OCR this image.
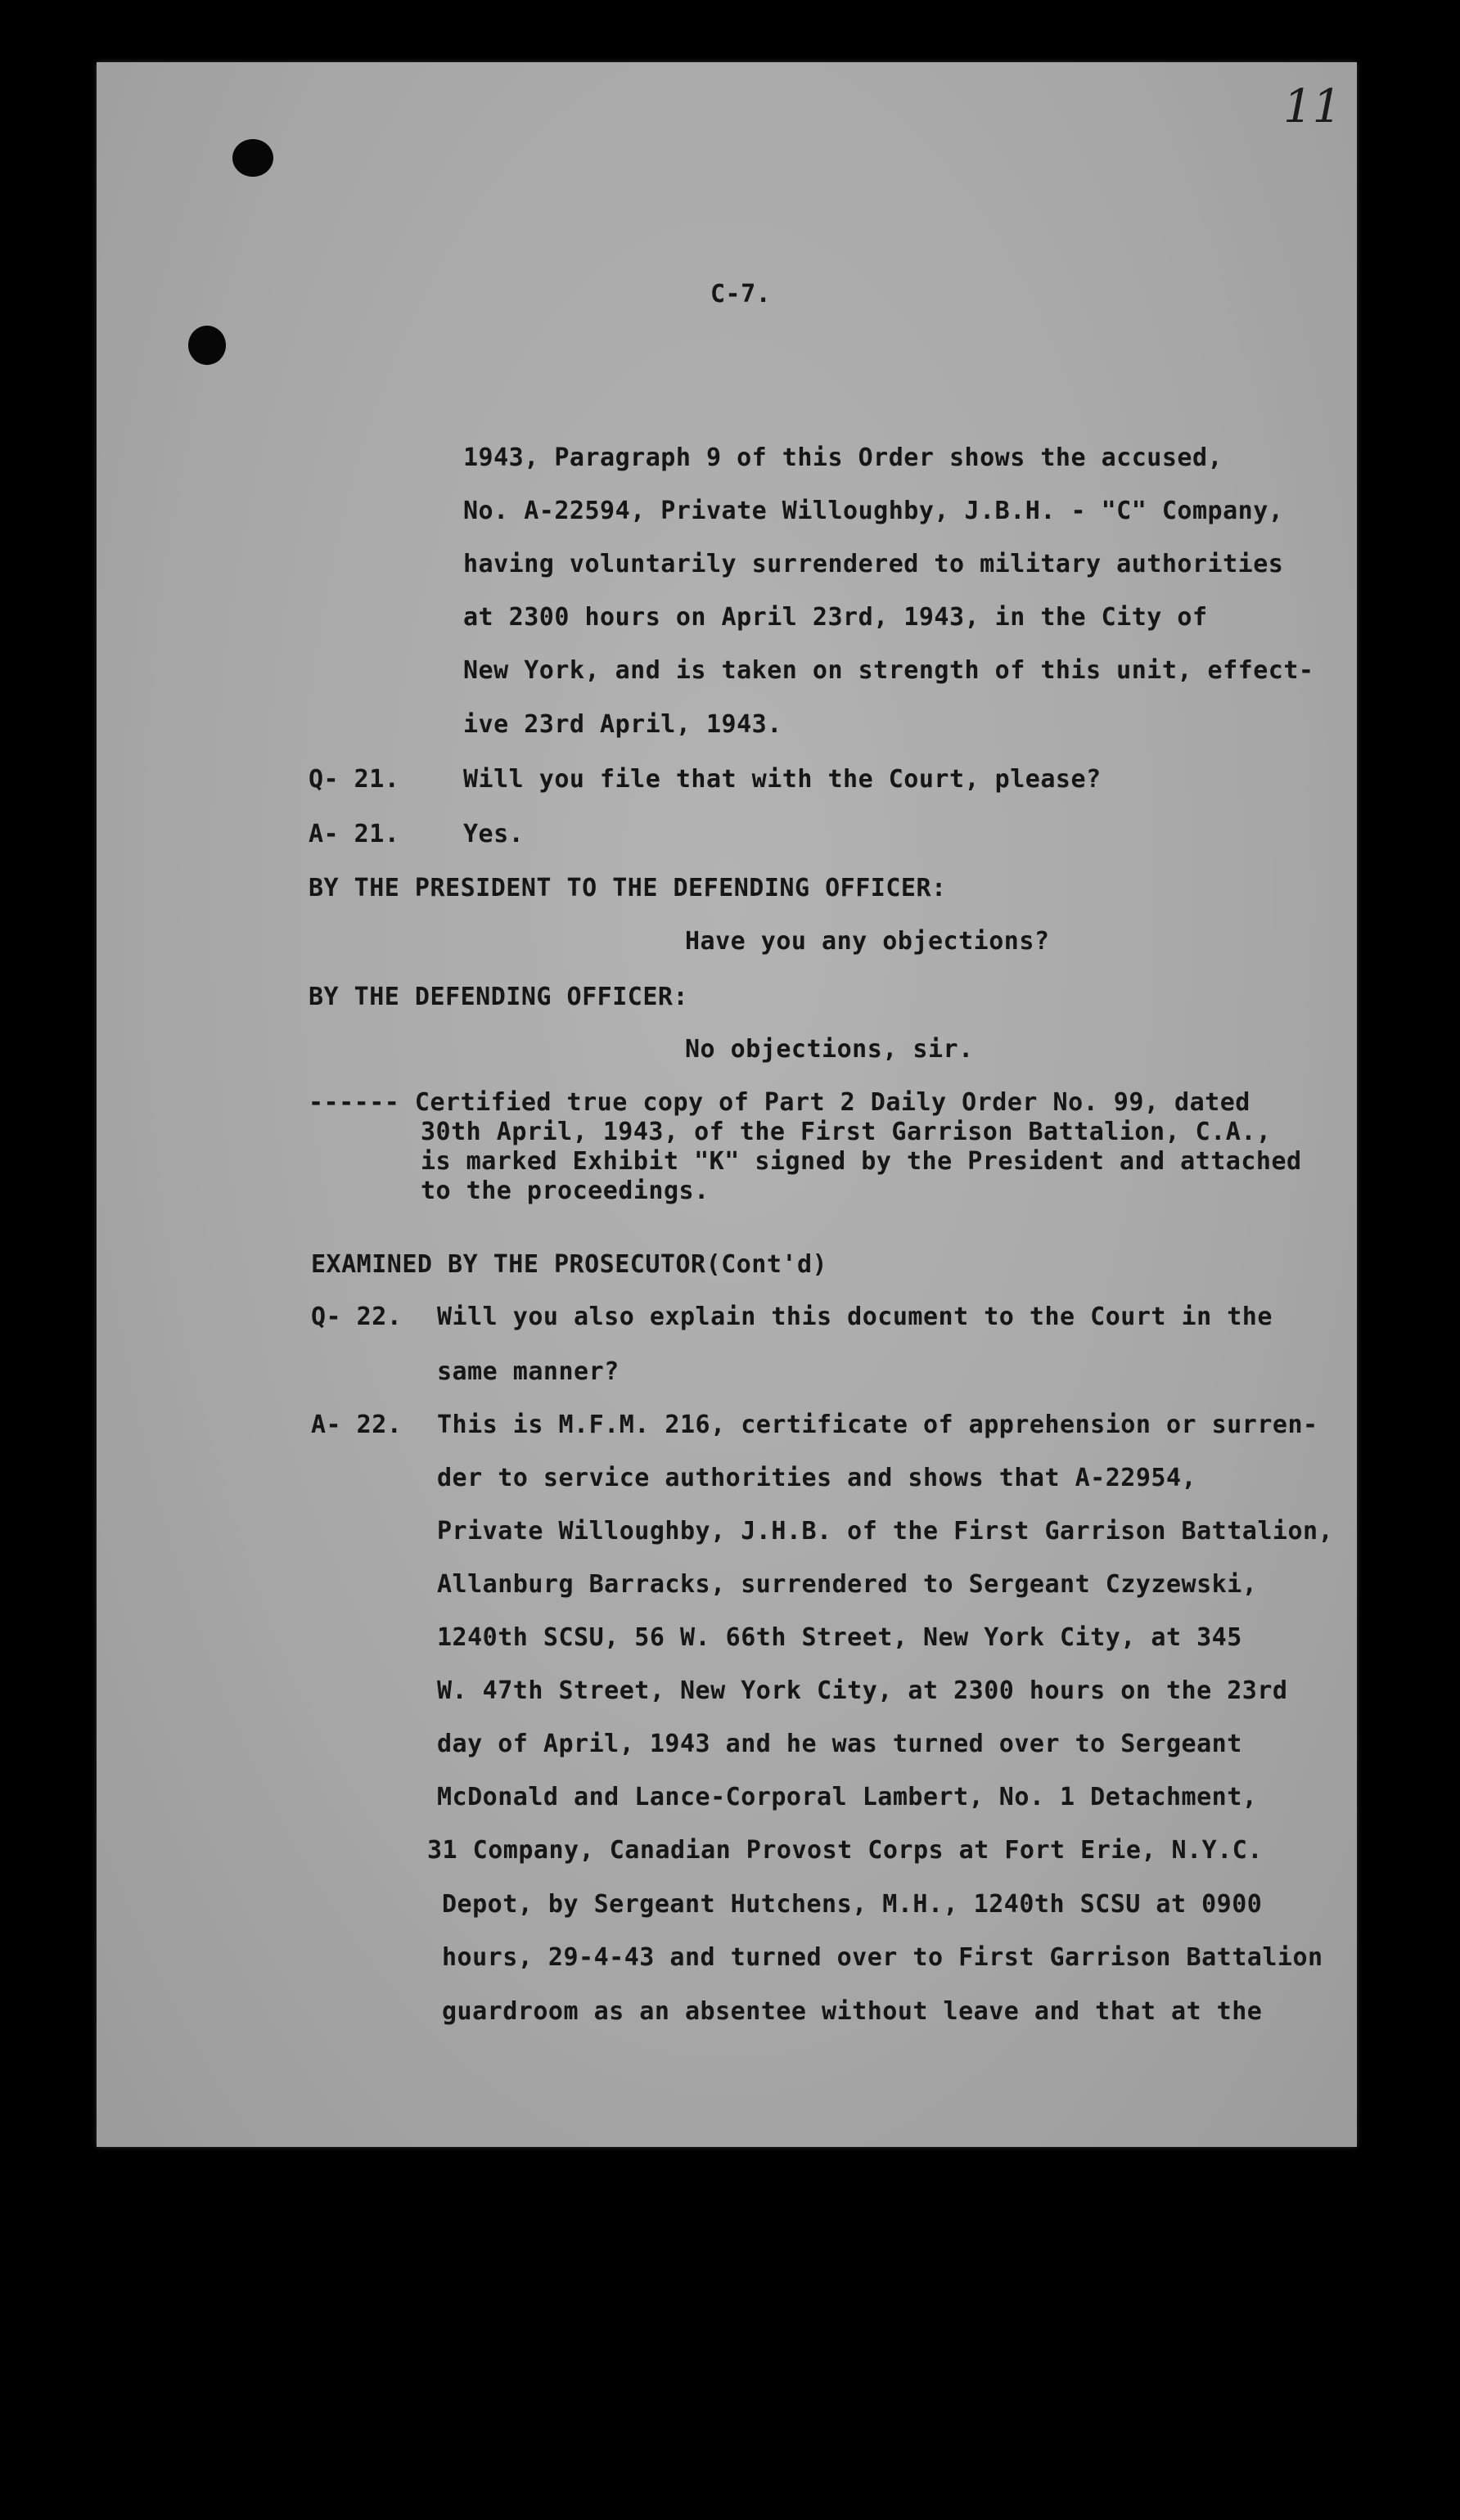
11
C-7.
1943, Paragraph 9 of this Order shows the accused,
No. A-22594, Private Willoughby, J.B.H. - "C" Company,
having voluntarily surrendered to military authorities
at 2300 hours on April 23rd, 1943, in the City of
New York, and is taken on strength of this unit, effect-
ive 23rd April, 1943.
Q- 21.	Will you file that with the Court, please?
A- 21.	Yes.
BY THE PRESIDENT TO THE DEFENDING OFFICER:
Have you any objections?
BY THE DEFENDING OFFICER:
No objections, sir.
------ Certified true copy of Part 2 Daily Order No. 99, dated
30th April, 1943, of the First Garrison Battalion, C.A.,
is marked Exhibit "K" signed by the President and attached
to the proceedings.
EXAMINED BY THE PROSECUTOR(Cont'd)
Q- 22. Will you also explain this document to the Court in the
same manner?
A- 22. This is M.F.M. 216, certificate of apprehension or surren-
der to service authorities and shows that A-22954,
Private Willoughby, J.H.B. of the First Garrison Battalion,
Allanburg Barracks, surrendered to Sergeant Czyzewski,
1240th SCSU, 56 W. 66th Street, New York City, at 345
W. 47th Street, New York City, at 2300 hours on the 23rd
day of April, 1943 and he was turned over to Sergeant
McDonald and Lance-Corporal Lambert, No. 1 Detachment,
31 Company, Canadian Provost Corps at Fort Erie, N.Y.C.
Depot, by Sergeant Hutchens, M.H., 1240th SCSU at 0900
hours, 29-4-43 and turned over to First Garrison Battalion
guardroom as an absentee without leave and that at the
